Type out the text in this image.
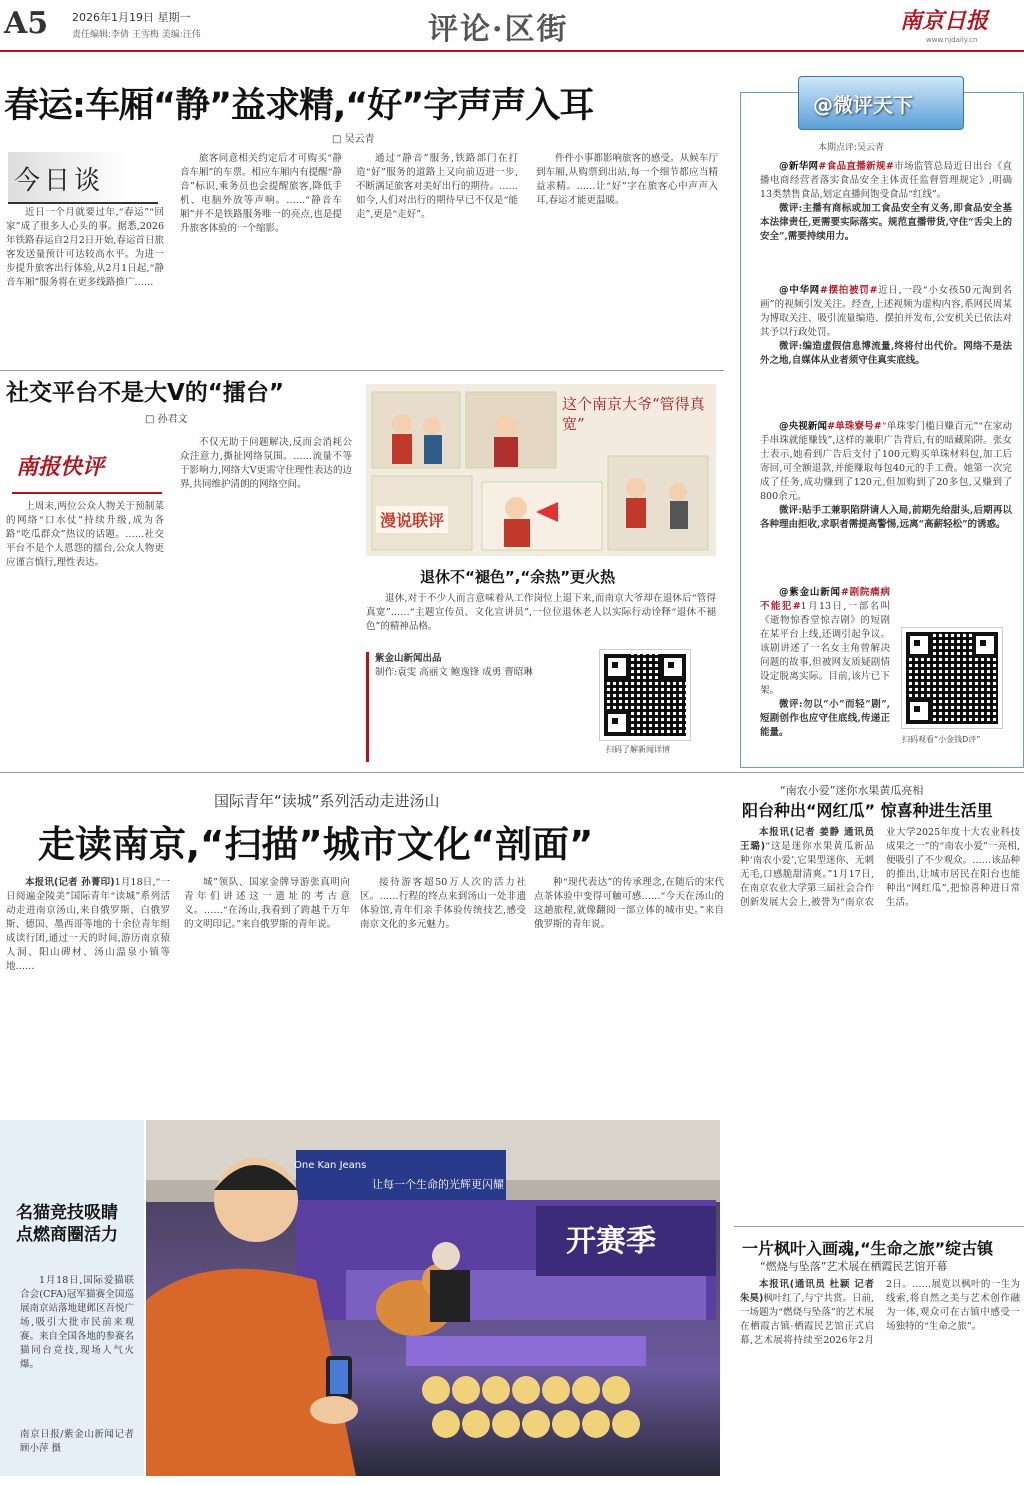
A5 2026年1月19日 星期一
责任编辑:李倩 王雪梅 美编:汪伟	评论·区街	南京日报
www.njdaily.cn
春运:车厢“静”益求精,“好”字声声入耳
□ 吴云青
今日谈

近日一个月就要过年,“春运”“回家”成了很多人心头的事。据悉,2026年铁路春运自2月2日开始,春运首日旅客发送量预计可达较高水平。为进一步提升旅客出行体验,从2月1日起,“静音车厢”服务将在更多线路推广……

旅客同意相关约定后才可购买“静音车厢”的车票。相应车厢内有提醒“静音”标识,乘务员也会提醒旅客,降低手机、电脑外放等声响。……“静音车厢”并不是铁路服务唯一的亮点,也是提升旅客体验的一个缩影。

通过“静音”服务,铁路部门在打造“好”服务的道路上又向前迈进一步,不断满足旅客对美好出行的期待。……如今,人们对出行的期待早已不仅是“能走”,更是“走好”。

件件小事都影响旅客的感受。从候车厅到车厢,从购票到出站,每一个细节都应当精益求精。……让“好”字在旅客心中声声入耳,春运才能更温暖。

@微评天下
本期点评:吴云青

@新华网#食品直播新规#市场监管总局近日出台《直播电商经营者落实食品安全主体责任监督管理规定》,明确13类禁售食品,划定直播间饱受食品“红线”。

微评:主播有商标或加工食品安全有义务,即食品安全基本法律责任,更需要实际落实。规范直播带货,守住“舌尖上的安全”,需要持续用力。

@中华网#摆拍被罚#近日,一段“小女孩50元淘到名画”的视频引发关注。经查,上述视频为虚构内容,系网民周某为博取关注、吸引流量编造、摆拍并发布,公安机关已依法对其予以行政处罚。

微评:编造虚假信息博流量,终将付出代价。网络不是法外之地,自媒体从业者须守住真实底线。

@央视新闻#单珠寮号#“单珠零门槛日赚百元”“在家动手串珠就能赚钱”,这样的兼职广告背后,有的暗藏陷阱。张女士表示,她看到广告后支付了100元购买单珠材料包,加工后寄回,可全额退款,并能赚取每包40元的手工费。她第一次完成了任务,成功赚到了120元,但加购到了20多包,又赚到了800余元。

微评:贴手工兼职陷阱请人入局,前期先给甜头,后期再以各种理由拒收,求职者需提高警惕,远离“高薪轻松”的诱惑。

@紫金山新闻#剧院痛病不能犯#1月13日,一部名叫《逝物惊香堂惊吉剧》的短剧在某平台上线,还调引起争议。该剧讲述了一名女主角曾解决问题的故事,但被网友质疑剧情设定脱离实际。目前,该片已下架。

微评:勿以“小”而轻“剧”,短剧创作也应守住底线,传递正能量。

扫码观看“小金钱D评”
社交平台不是大V的“擂台”
□ 孙君文
南报快评

上周末,两位公众人物关于预制菜的网络“口水仗”持续升级,成为各路“吃瓜群众”热议的话题。……社交平台不是个人恩怨的擂台,公众人物更应谨言慎行,理性表达。

不仅无助于问题解决,反而会消耗公众注意力,撕扯网络氛围。……流量不等于影响力,网络大V更需守住理性表达的边界,共同维护清朗的网络空间。

这个南京大爷“管得真宽”
漫说联评
退休不“褪色”,“余热”更火热

退休,对于不少人而言意味着从工作岗位上退下来,而南京大爷却在退休后“管得真宽”……“主题宣传员、文化宣讲员”,一位位退休老人以实际行动诠释“退休不褪色”的精神品格。

紫金山新闻出品
制作:袁雯 高丽文 鲍逸锋 成勇 曹昭琳
扫码了解新闻详情
国际青年“读城”系列活动走进汤山
走读南京,“扫描”城市文化“剖面”

本报讯(记者 孙菁印)1月18日,“一日阅遍金陵美”国际青年“读城”系列活动走进南京汤山,来自俄罗斯、白俄罗斯、德国、墨西哥等地的十余位青年组成读行团,通过一天的时间,游历南京猿人洞、阳山碑材、汤山温泉小镇等地……

城”领队、国家金牌导游张真明向青年们讲述这一遗址的考古意义。……“在汤山,我看到了跨越千万年的文明印记。”来自俄罗斯的青年说。

接待游客超50万人次的活力社区。……行程的终点来到汤山一处非遗体验馆,青年们亲手体验传统技艺,感受南京文化的多元魅力。

种“现代表达”的传承理念,在随后的宋代点茶体验中变得可触可感……“今天在汤山的这趟旅程,就像翻阅一部立体的城市史。”来自俄罗斯的青年说。

名猫竞技吸睛
点燃商圈活力

1月18日,国际爱猫联合会(CFA)冠军猫赛全国巡展南京站落地建邺区吾悦广场,吸引大批市民前来观赛。来自全国各地的参赛名猫同台竞技,现场人气火爆。

南京日报/紫金山新闻记者 顾小萍 摄
One Kan Jeans
让每一个生命的光辉更闪耀
开赛季
“南农小爱”迷你水果黄瓜亮相
阳台种出“网红瓜” 惊喜种进生活里

本报讯(记者 姜静 通讯员 王璐)“这是迷你水果黄瓜新品种‘南农小爱’,它果型迷你、无刺无毛,口感脆甜清爽。”1月17日,在南京农业大学第三届社会合作创新发展大会上,被誉为“南京农业大学2025年度十大农业科技成果之一”的“南农小爱”一亮相,便吸引了不少观众。……该品种的推出,让城市居民在阳台也能种出“网红瓜”,把惊喜种进日常生活。

一片枫叶入画魂,“生命之旅”绽古镇
“燃烧与坠落”艺术展在栖霞民艺馆开幕

本报讯(通讯员 杜颖 记者 朱昊)枫叶红了,与宁共赏。日前,一场题为“燃烧与坠落”的艺术展在栖霞古镇·栖霞民艺馆正式启幕,艺术展将持续至2026年2月2日。……展览以枫叶的一生为线索,将自然之美与艺术创作融为一体,观众可在古镇中感受一场独特的“生命之旅”。
